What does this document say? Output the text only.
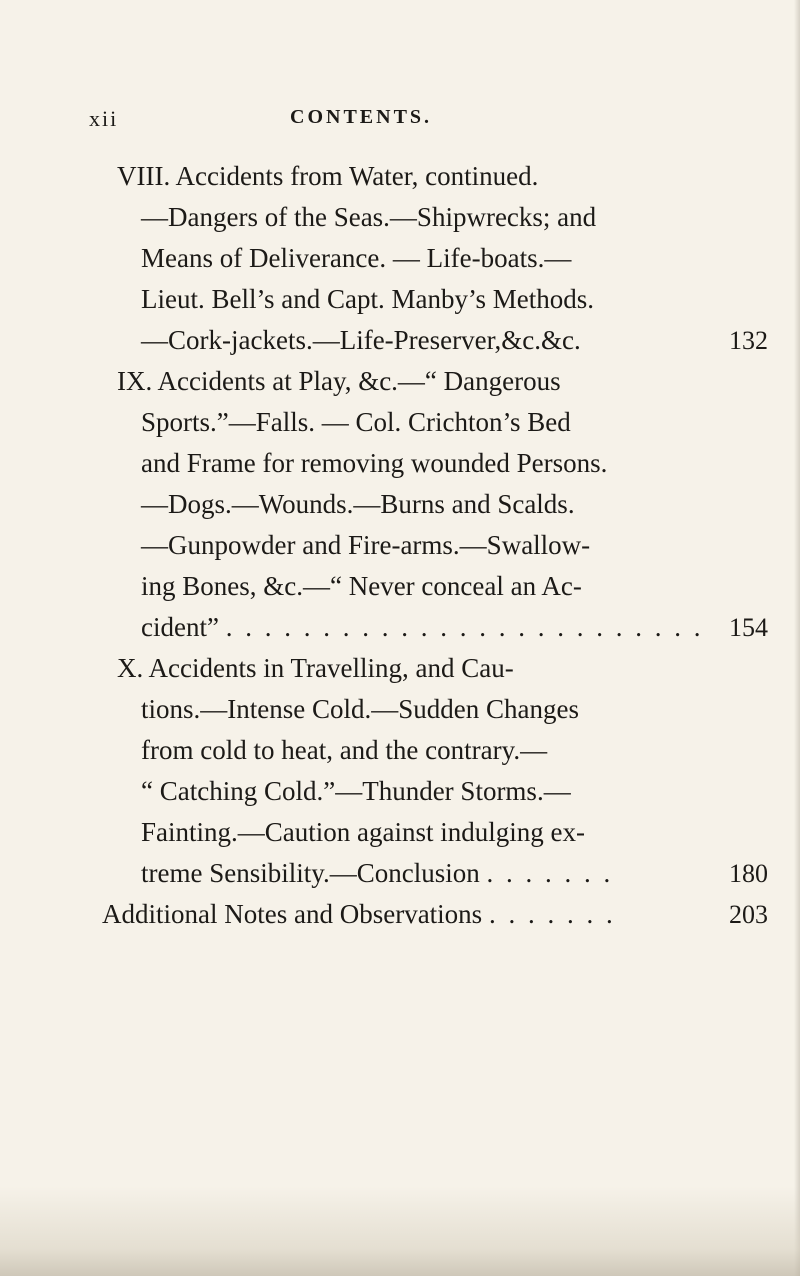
xii	CONTENTS.
VIII. Accidents from Water, continued.
—Dangers of the Seas.—Shipwrecks; and
Means of Deliverance. — Life-boats.—
Lieut. Bell’s and Capt. Manby’s Methods.
—Cork-jackets.—Life-Preserver,&c.&c.	132
IX. Accidents at Play, &c.—“ Dangerous
Sports.”—Falls. — Col. Crichton’s Bed
and Frame for removing wounded Persons.
—Dogs.—Wounds.—Burns and Scalds.
—Gunpowder and Fire-arms.—Swallow-
ing Bones, &c.—“ Never conceal an Ac-
cident” . . . . . . . . . . . . . . . . . . . . . . . . . 154
X. Accidents in Travelling, and Cau-
tions.—Intense Cold.—Sudden Changes
from cold to heat, and the contrary.—
“ Catching Cold.”—Thunder Storms.—
Fainting.—Caution against indulging ex-
treme Sensibility.—Conclusion . . . . . . .	180
Additional Notes and Observations . . . . . . .	203
